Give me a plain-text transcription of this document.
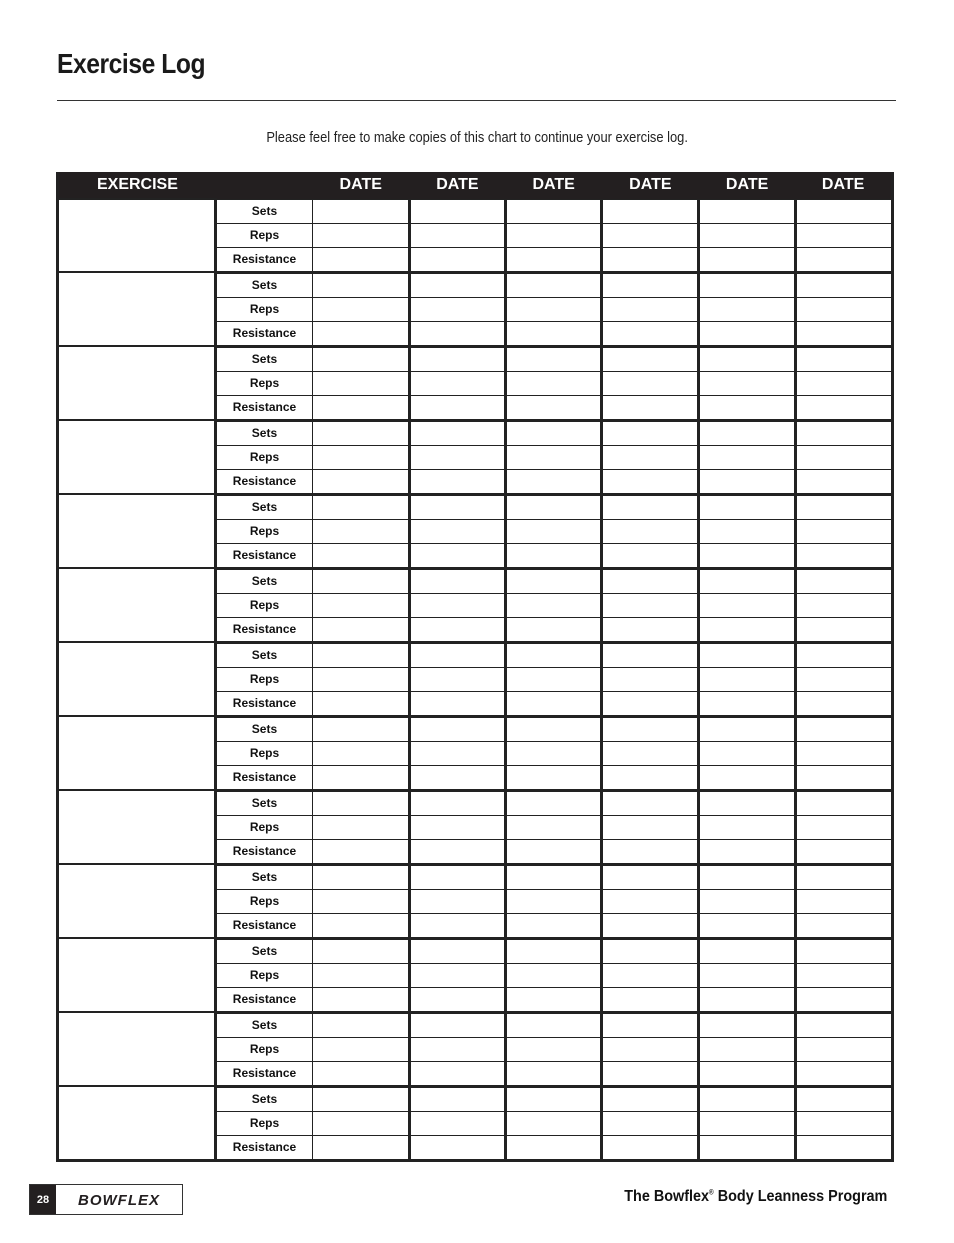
Exercise Log
Please feel free to make copies of this chart to continue your exercise log.
EXERCISE		DATE	DATE	DATE	DATE	DATE	DATE
	Sets						
	Reps						
	Resistance						
	Sets						
	Reps						
	Resistance						
	Sets						
	Reps						
	Resistance						
	Sets						
	Reps						
	Resistance						
	Sets						
	Reps						
	Resistance						
	Sets						
	Reps						
	Resistance						
	Sets						
	Reps						
	Resistance						
	Sets						
	Reps						
	Resistance						
	Sets						
	Reps						
	Resistance						
	Sets						
	Reps						
	Resistance						
	Sets						
	Reps						
	Resistance						
	Sets						
	Reps						
	Resistance						
	Sets						
	Reps						
	Resistance						
28	BOWFLEX	The Bowflex® Body Leanness Program
